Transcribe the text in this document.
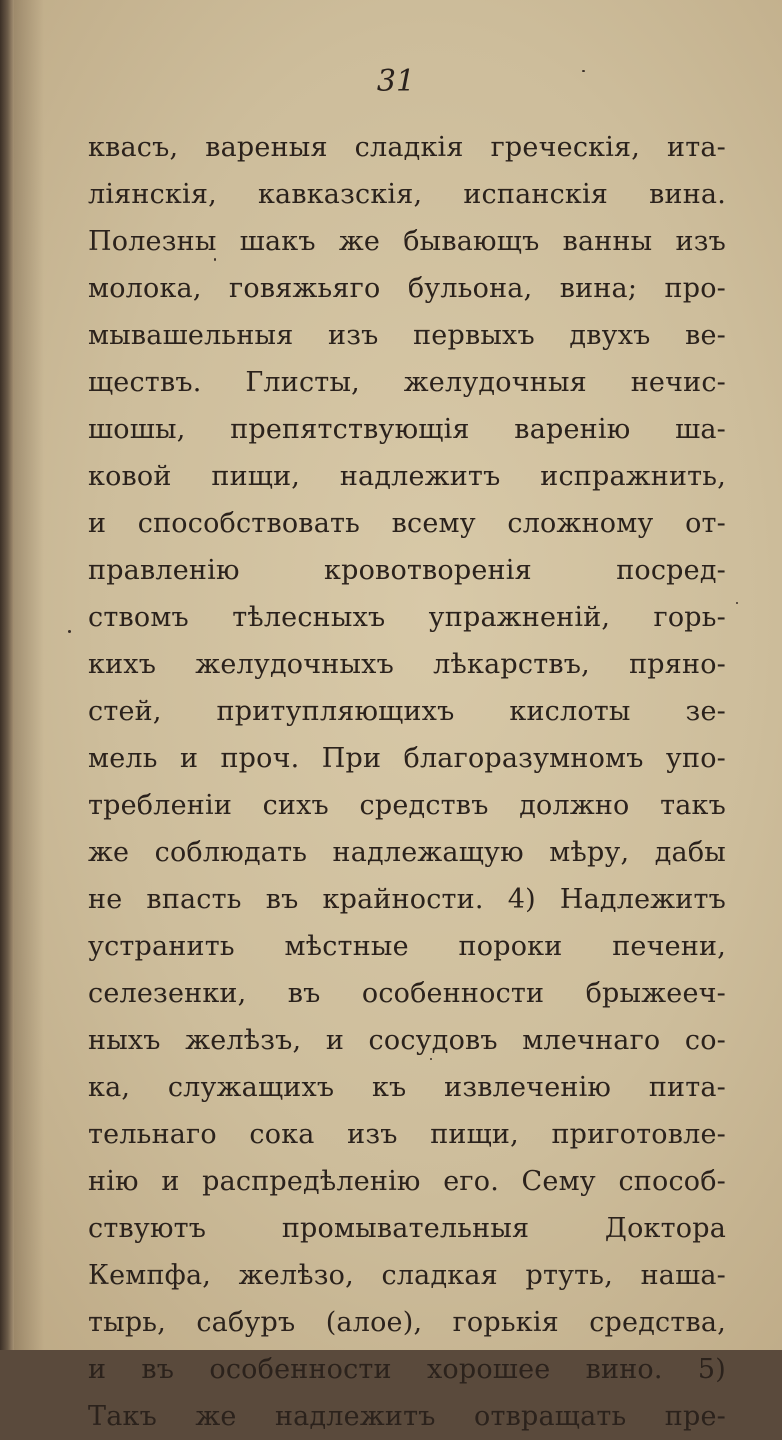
31
квасъ, вареныя сладкія греческія, ита-
ліянскія, кавказскія, испанскія вина.
Полезны шакъ же бывающъ ванны изъ
молока, говяжьяго бульона, вина; про-
мывашельныя изъ первыхъ двухъ ве-
ществъ. Глисты, желудочныя нечис-
шошы, препятствующія варенію ша-
ковой пищи, надлежитъ испражнить,
и способствовать всему сложному от-
правленію кровотворенія посред-
ствомъ тѣлесныхъ упражненій, горь-
кихъ желудочныхъ лѣкарствъ, пряно-
стей, притупляющихъ кислоты зе-
мель и проч. При благоразумномъ упо-
требленіи сихъ средствъ должно такъ
же соблюдать надлежащую мѣру, дабы
не впасть въ крайности. 4) Надлежитъ
устранить мѣстные пороки печени,
селезенки, въ особенности брыжееч-
ныхъ желѣзъ, и сосудовъ млечнаго со-
ка, служащихъ къ извлеченію пита-
тельнаго сока изъ пищи, приготовле-
нію и распредѣленію его. Сему способ-
ствуютъ промывательныя Доктора
Кемпфа, желѣзо, сладкая ртуть, наша-
тырь, сабуръ (алое), горькія средства,
и въ особенности хорошее вино. 5)
Такъ же надлежитъ отвращать пре-
